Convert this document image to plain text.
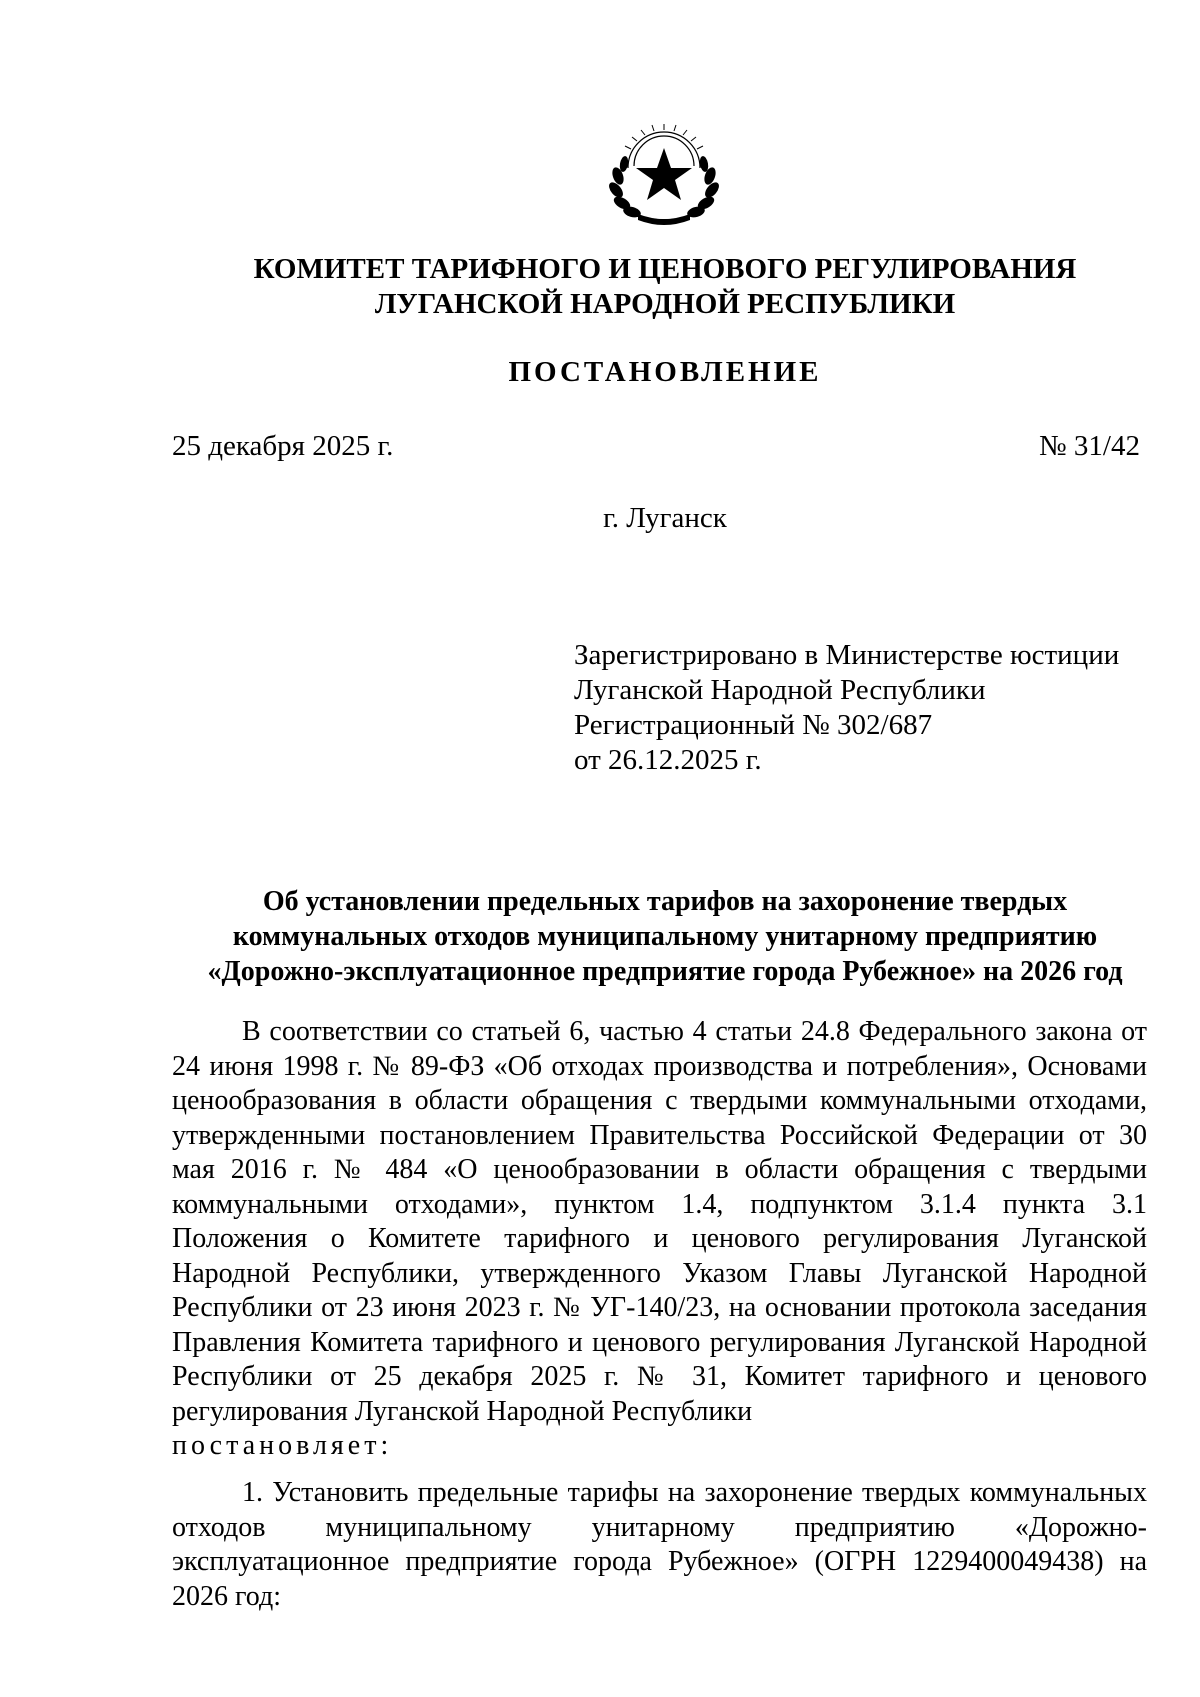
КОМИТЕТ ТАРИФНОГО И ЦЕНОВОГО РЕГУЛИРОВАНИЯ
ЛУГАНСКОЙ НАРОДНОЙ РЕСПУБЛИКИ
ПОСТАНОВЛЕНИЕ
25 декабря 2025 г.	№ 31/42
г. Луганск
Зарегистрировано в Министерстве юстиции
Луганской Народной Республики
Регистрационный № 302/687
от 26.12.2025 г.
Об установлении предельных тарифов на захоронение твердых
коммунальных отходов муниципальному унитарному предприятию
«Дорожно-эксплуатационное предприятие города Рубежное» на 2026 год
В соответствии со статьей 6, частью 4 статьи 24.8 Федерального закона от 24 июня 1998 г. № 89-ФЗ «Об отходах производства и потребления», Основами ценообразования в области обращения с твердыми коммунальными отходами, утвержденными постановлением Правительства Российской Федерации от 30 мая 2016 г. № 484 «О ценообразовании в области обращения с твердыми коммунальными отходами», пунктом 1.4, подпунктом 3.1.4 пункта 3.1 Положения о Комитете тарифного и ценового регулирования Луганской Народной Республики, утвержденного Указом Главы Луганской Народной Республики от 23 июня 2023 г. № УГ-140/23, на основании протокола заседания Правления Комитета тарифного и ценового регулирования Луганской Народной Республики от 25 декабря 2025 г. № 31, Комитет тарифного и ценового регулирования Луганской Народной Республики
постановляет:
1. Установить предельные тарифы на захоронение твердых коммунальных отходов муниципальному унитарному предприятию «Дорожно-эксплуатационное предприятие города Рубежное» (ОГРН 1229400049438) на 2026 год:
